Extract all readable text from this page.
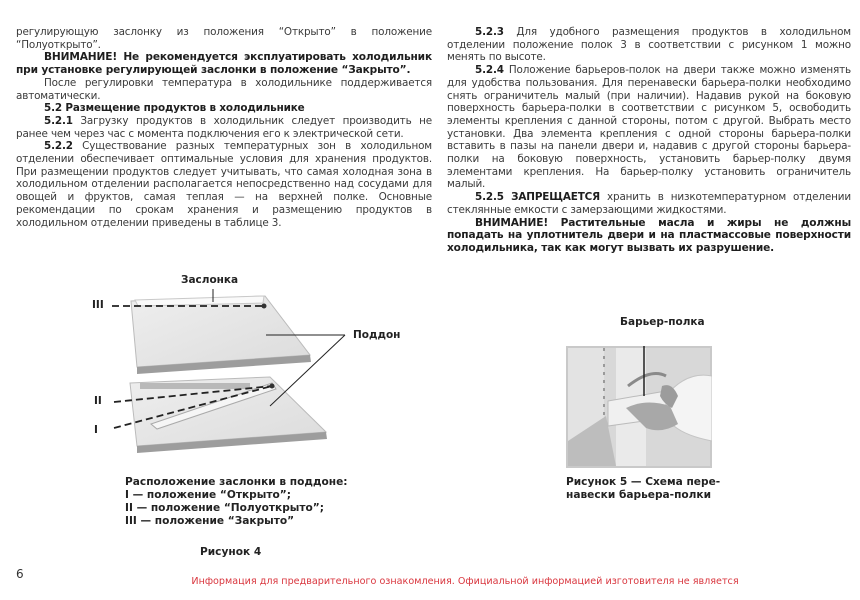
регулирующую заслонку из положения “Открыто” в положение “Полуоткрыто”.

ВНИМАНИЕ! Не рекомендуется эксплуатировать холодильник при установке регулирующей заслонки в положение “Закрыто”.

После регулировки температура в холодильнике поддерживается автоматически.

5.2 Размещение продуктов в холодильнике

5.2.1 Загрузку продуктов в холодильник следует производить не ранее чем через час с момента подключения его к электрической сети.

5.2.2 Существование разных температурных зон в холодильном отделении обеспечивает оптимальные условия для хранения продуктов. При размещении продуктов следует учитывать, что самая холодная зона в холодильном отделении располагается непосредственно над сосудами для овощей и фруктов, самая теплая — на верхней полке. Основные рекомендации по срокам хранения и размещению продуктов в холодильном отделении приведены в таблице 3.

5.2.3 Для удобного размещения продуктов в холодильном отделении положение полок 3 в соответствии с рисунком 1 можно менять по высоте.

5.2.4 Положение барьеров-полок на двери также можно изменять для удобства пользования. Для перенавески барьера-полки необходимо снять ограничитель малый (при наличии). Надавив рукой на боковую поверхность барьера-полки в соответствии с рисунком 5, освободить элементы крепления с данной стороны, потом с другой. Выбрать место установки. Два элемента крепления с одной стороны барьера-полки вставить в пазы на панели двери и, надавив с другой стороны барьера-полки на боковую поверхность, установить барьер-полку двумя элементами крепления. На барьер-полку установить ограничитель малый.

5.2.5 ЗАПРЕЩАЕТСЯ хранить в низкотемпературном отделении стеклянные емкости с замерзающими жидкостями.

ВНИМАНИЕ! Растительные масла и жиры не должны попадать на уплотнитель двери и на пластмассовые поверхности холодильника, так как могут вызвать их разрушение.

Заслонка
Поддон
III
II
I
Расположение заслонки в поддоне:
I — положение “Открыто”;
II — положение “Полуоткрыто”;
III — положение “Закрыто”
Рисунок 4
Барьер-полка
Рисунок 5 — Схема пере-
навески барьера-полки
6
Информация для предварительного ознакомления. Официальной информацией изготовителя не является
